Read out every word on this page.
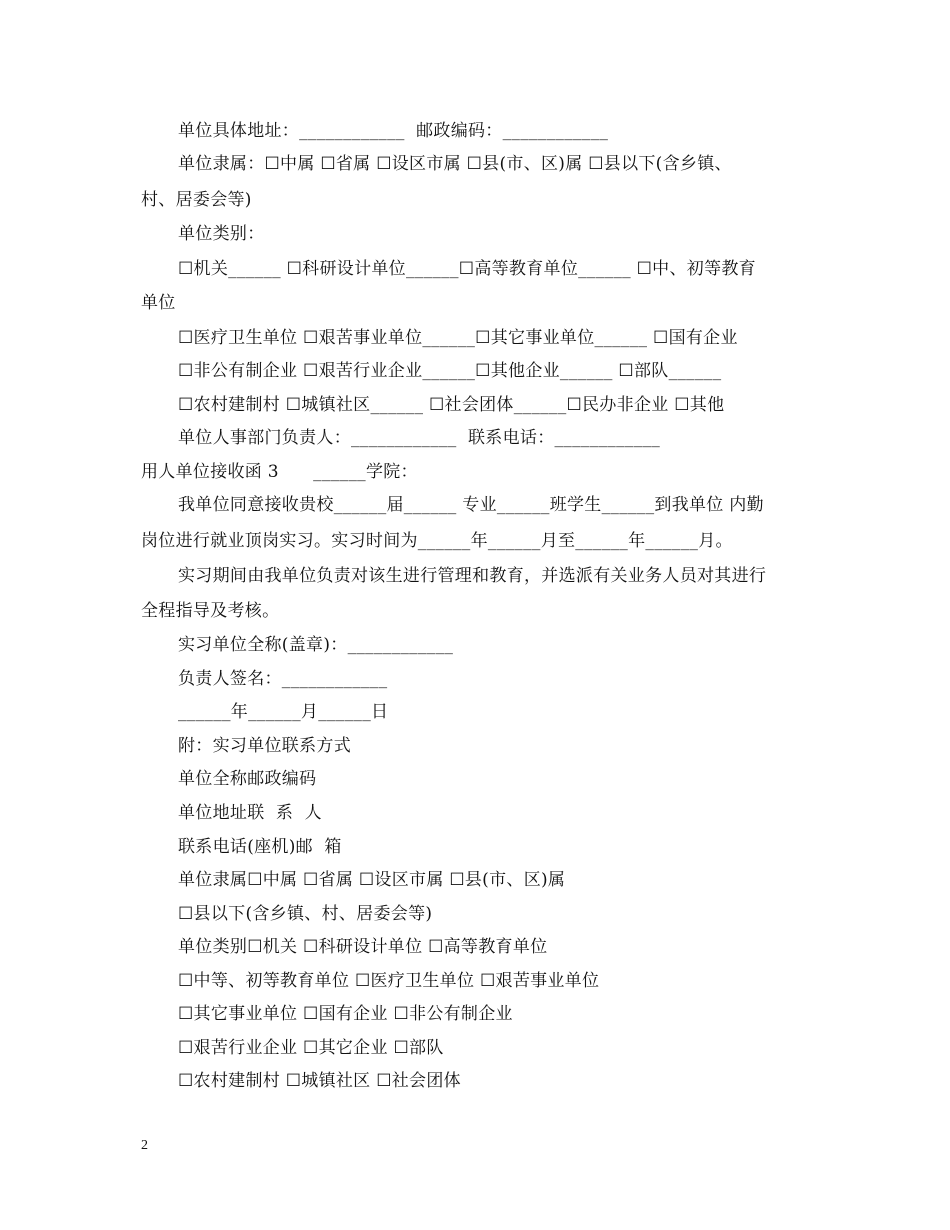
单位具体地址：____________  邮政编码：____________
单位隶属：☐中属 ☐省属 ☐设区市属 ☐县(市、区)属 ☐县以下(含乡镇、
村、居委会等)
单位类别：
☐机关______ ☐科研设计单位______☐高等教育单位______ ☐中、初等教育
单位
☐医疗卫生单位 ☐艰苦事业单位______☐其它事业单位______ ☐国有企业
☐非公有制企业 ☐艰苦行业企业______☐其他企业______ ☐部队______
☐农村建制村 ☐城镇社区______ ☐社会团体______☐民办非企业 ☐其他
单位人事部门负责人：____________  联系电话：____________
用人单位接收函 3      ______学院：
我单位同意接收贵校______届______ 专业______班学生______到我单位 内勤
岗位进行就业顶岗实习。实习时间为______年______月至______年______月。
实习期间由我单位负责对该生进行管理和教育，并选派有关业务人员对其进行
全程指导及考核。
实习单位全称(盖章)：____________
负责人签名：____________
______年______月______日
附：实习单位联系方式
单位全称邮政编码
单位地址联  系  人
联系电话(座机)邮  箱
单位隶属☐中属 ☐省属 ☐设区市属 ☐县(市、区)属
☐县以下(含乡镇、村、居委会等)
单位类别☐机关 ☐科研设计单位 ☐高等教育单位
☐中等、初等教育单位 ☐医疗卫生单位 ☐艰苦事业单位
☐其它事业单位 ☐国有企业 ☐非公有制企业
☐艰苦行业企业 ☐其它企业 ☐部队
☐农村建制村 ☐城镇社区 ☐社会团体
2
